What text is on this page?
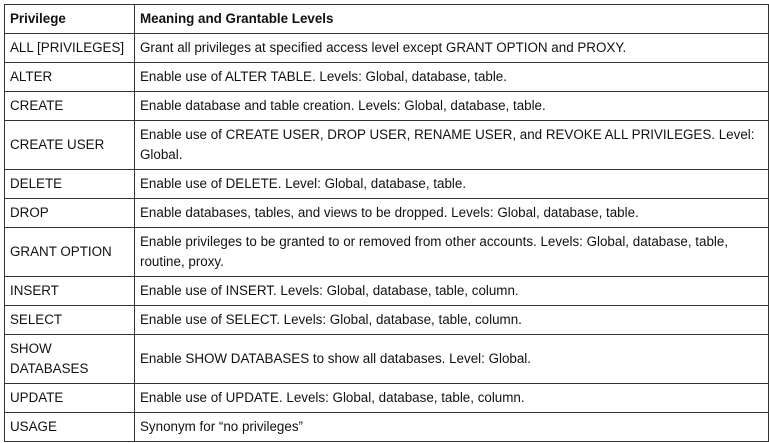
Privilege	Meaning and Grantable Levels
ALL [PRIVILEGES]	Grant all privileges at specified access level except GRANT OPTION and PROXY.
ALTER	Enable use of ALTER TABLE. Levels: Global, database, table.
CREATE	Enable database and table creation. Levels: Global, database, table.
CREATE USER	Enable use of CREATE USER, DROP USER, RENAME USER, and REVOKE ALL PRIVILEGES. Level: Global.
DELETE	Enable use of DELETE. Level: Global, database, table.
DROP	Enable databases, tables, and views to be dropped. Levels: Global, database, table.
GRANT OPTION	Enable privileges to be granted to or removed from other accounts. Levels: Global, database, table, routine, proxy.
INSERT	Enable use of INSERT. Levels: Global, database, table, column.
SELECT	Enable use of SELECT. Levels: Global, database, table, column.
SHOW DATABASES	Enable SHOW DATABASES to show all databases. Level: Global.
UPDATE	Enable use of UPDATE. Levels: Global, database, table, column.
USAGE	Synonym for “no privileges”
